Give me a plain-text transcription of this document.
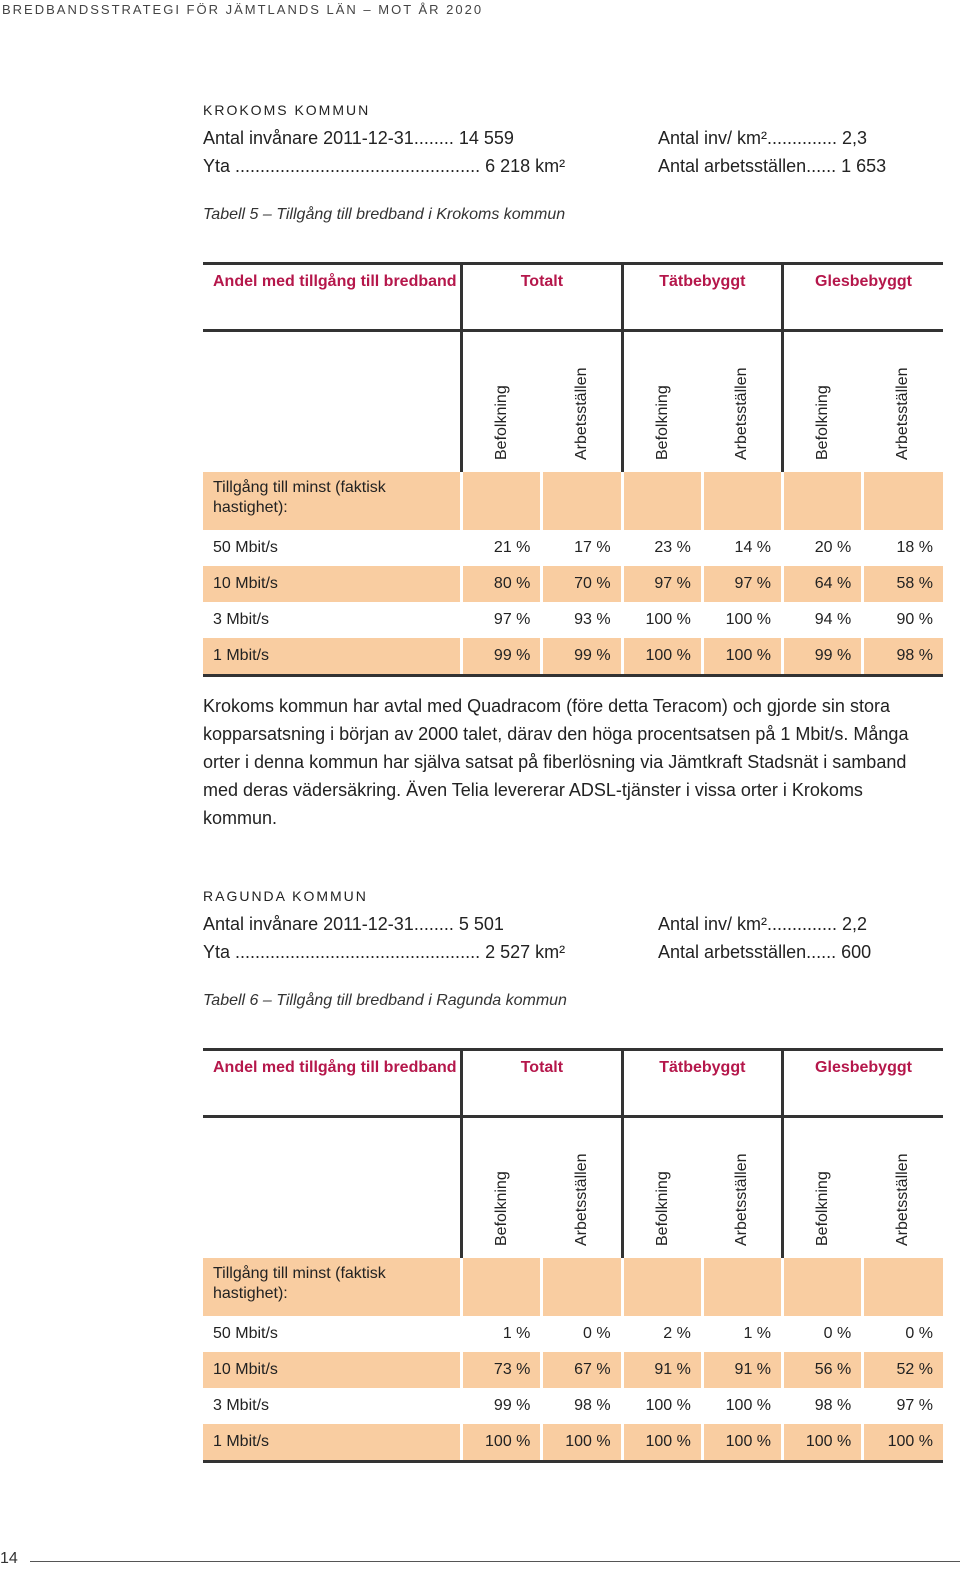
BREDBANDSSTRATEGI FÖR JÄMTLANDS LÄN – MOT ÅR 2020
KROKOMS KOMMUN
Antal invånare 2011-12-31........ 14 559
Yta ................................................. 6 218 km²
Antal inv/ km².............. 2,3
Antal arbetsställen...... 1 653
Tabell 5 – Tillgång till bredband i Krokoms kommun
Andel med tillgång till bredband	Totalt		Tätbebyggt		Glesbebyggt	

	Befolkning	Arbetsställen	Befolkning	Arbetsställen	Befolkning	Arbetsställen

Tillgång till minst (faktisk hastighet):						
50 Mbit/s	21 %	17 %	23 %	14 %	20 %	18 %
10 Mbit/s	80 %	70 %	97 %	97 %	64 %	58 %
3 Mbit/s	97 %	93 %	100 %	100 %	94 %	90 %
1 Mbit/s	99 %	99 %	100 %	100 %	99 %	98 %

Krokoms kommun har avtal med Quadracom (före detta Teracom) och gjorde sin stora kopparsatsning i början av 2000 talet, därav den höga procentsatsen på 1 Mbit/s. Många orter i denna kommun har själva satsat på fiberlösning via Jämtkraft Stadsnät i samband med deras vädersäkring. Även Telia levererar ADSL-tjänster i vissa orter i Krokoms kommun.

RAGUNDA KOMMUN
Antal invånare 2011-12-31........ 5 501
Yta ................................................. 2 527 km²
Antal inv/ km².............. 2,2
Antal arbetsställen...... 600
Tabell 6 – Tillgång till bredband i Ragunda kommun
Andel med tillgång till bredband	Totalt		Tätbebyggt		Glesbebyggt	

	Befolkning	Arbetsställen	Befolkning	Arbetsställen	Befolkning	Arbetsställen

Tillgång till minst (faktisk hastighet):						
50 Mbit/s	1 %	0 %	2 %	1 %	0 %	0 %
10 Mbit/s	73 %	67 %	91 %	91 %	56 %	52 %
3 Mbit/s	99 %	98 %	100 %	100 %	98 %	97 %
1 Mbit/s	100 %	100 %	100 %	100 %	100 %	100 %
14
